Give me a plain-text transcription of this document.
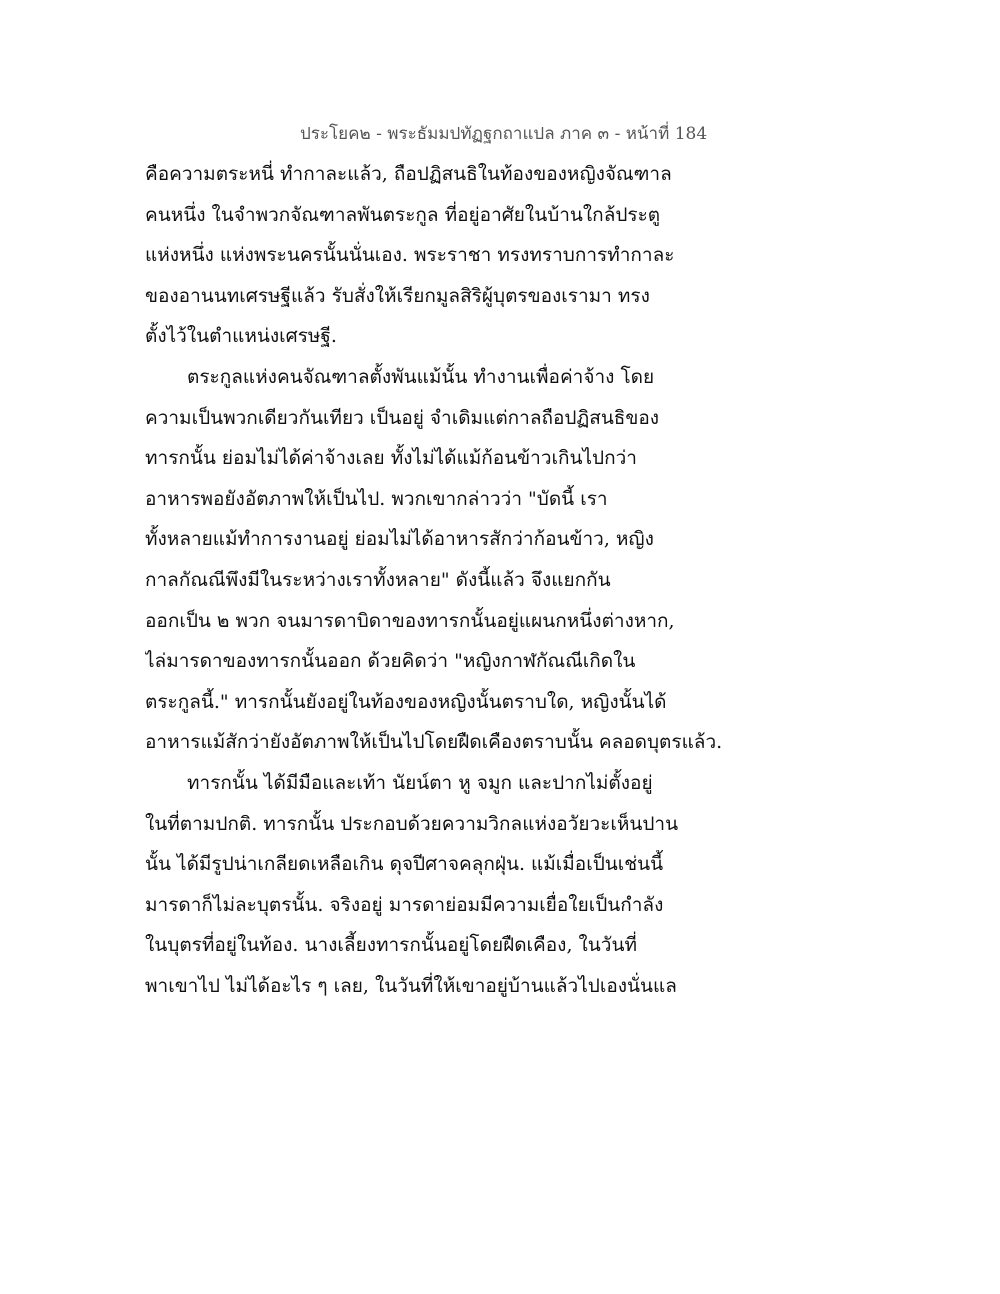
ประโยค๒ - พระธัมมปทัฏฐกถาแปล ภาค ๓ - หน้าที่ 184
คือความตระหนี่ ทำกาละแล้ว, ถือปฏิสนธิในท้องของหญิงจัณฑาล
คนหนึ่ง ในจำพวกจัณฑาลพันตระกูล ที่อยู่อาศัยในบ้านใกล้ประตู
แห่งหนึ่ง แห่งพระนครนั้นนั่นเอง. พระราชา ทรงทราบการทำกาละ
ของอานนทเศรษฐีแล้ว รับสั่งให้เรียกมูลสิริผู้บุตรของเรามา ทรง
ตั้งไว้ในตำแหน่งเศรษฐี.
ตระกูลแห่งคนจัณฑาลตั้งพันแม้นั้น ทำงานเพื่อค่าจ้าง โดย
ความเป็นพวกเดียวกันเทียว เป็นอยู่ จำเดิมแต่กาลถือปฏิสนธิของ
ทารกนั้น ย่อมไม่ได้ค่าจ้างเลย ทั้งไม่ได้แม้ก้อนข้าวเกินไปกว่า
อาหารพอยังอัตภาพให้เป็นไป. พวกเขากล่าวว่า "บัดนี้ เรา
ทั้งหลายแม้ทำการงานอยู่ ย่อมไม่ได้อาหารสักว่าก้อนข้าว, หญิง
กาลกัณณีพึงมีในระหว่างเราทั้งหลาย" ดังนี้แล้ว จึงแยกกัน
ออกเป็น ๒ พวก จนมารดาบิดาของทารกนั้นอยู่แผนกหนึ่งต่างหาก,
ไล่มารดาของทารกนั้นออก ด้วยคิดว่า "หญิงกาฬกัณณีเกิดใน
ตระกูลนี้." ทารกนั้นยังอยู่ในท้องของหญิงนั้นตราบใด, หญิงนั้นได้
อาหารแม้สักว่ายังอัตภาพให้เป็นไปโดยฝืดเคืองตราบนั้น คลอดบุตรแล้ว.
ทารกนั้น ได้มีมือและเท้า นัยน์ตา หู จมูก และปากไม่ตั้งอยู่
ในที่ตามปกติ. ทารกนั้น ประกอบด้วยความวิกลแห่งอวัยวะเห็นปาน
นั้น ได้มีรูปน่าเกลียดเหลือเกิน ดุจปีศาจคลุกฝุ่น. แม้เมื่อเป็นเช่นนี้
มารดาก็ไม่ละบุตรนั้น. จริงอยู่ มารดาย่อมมีความเยื่อใยเป็นกำลัง
ในบุตรที่อยู่ในท้อง. นางเลี้ยงทารกนั้นอยู่โดยฝืดเคือง, ในวันที่
พาเขาไป ไม่ได้อะไร ๆ เลย, ในวันที่ให้เขาอยู่บ้านแล้วไปเองนั่นแล
